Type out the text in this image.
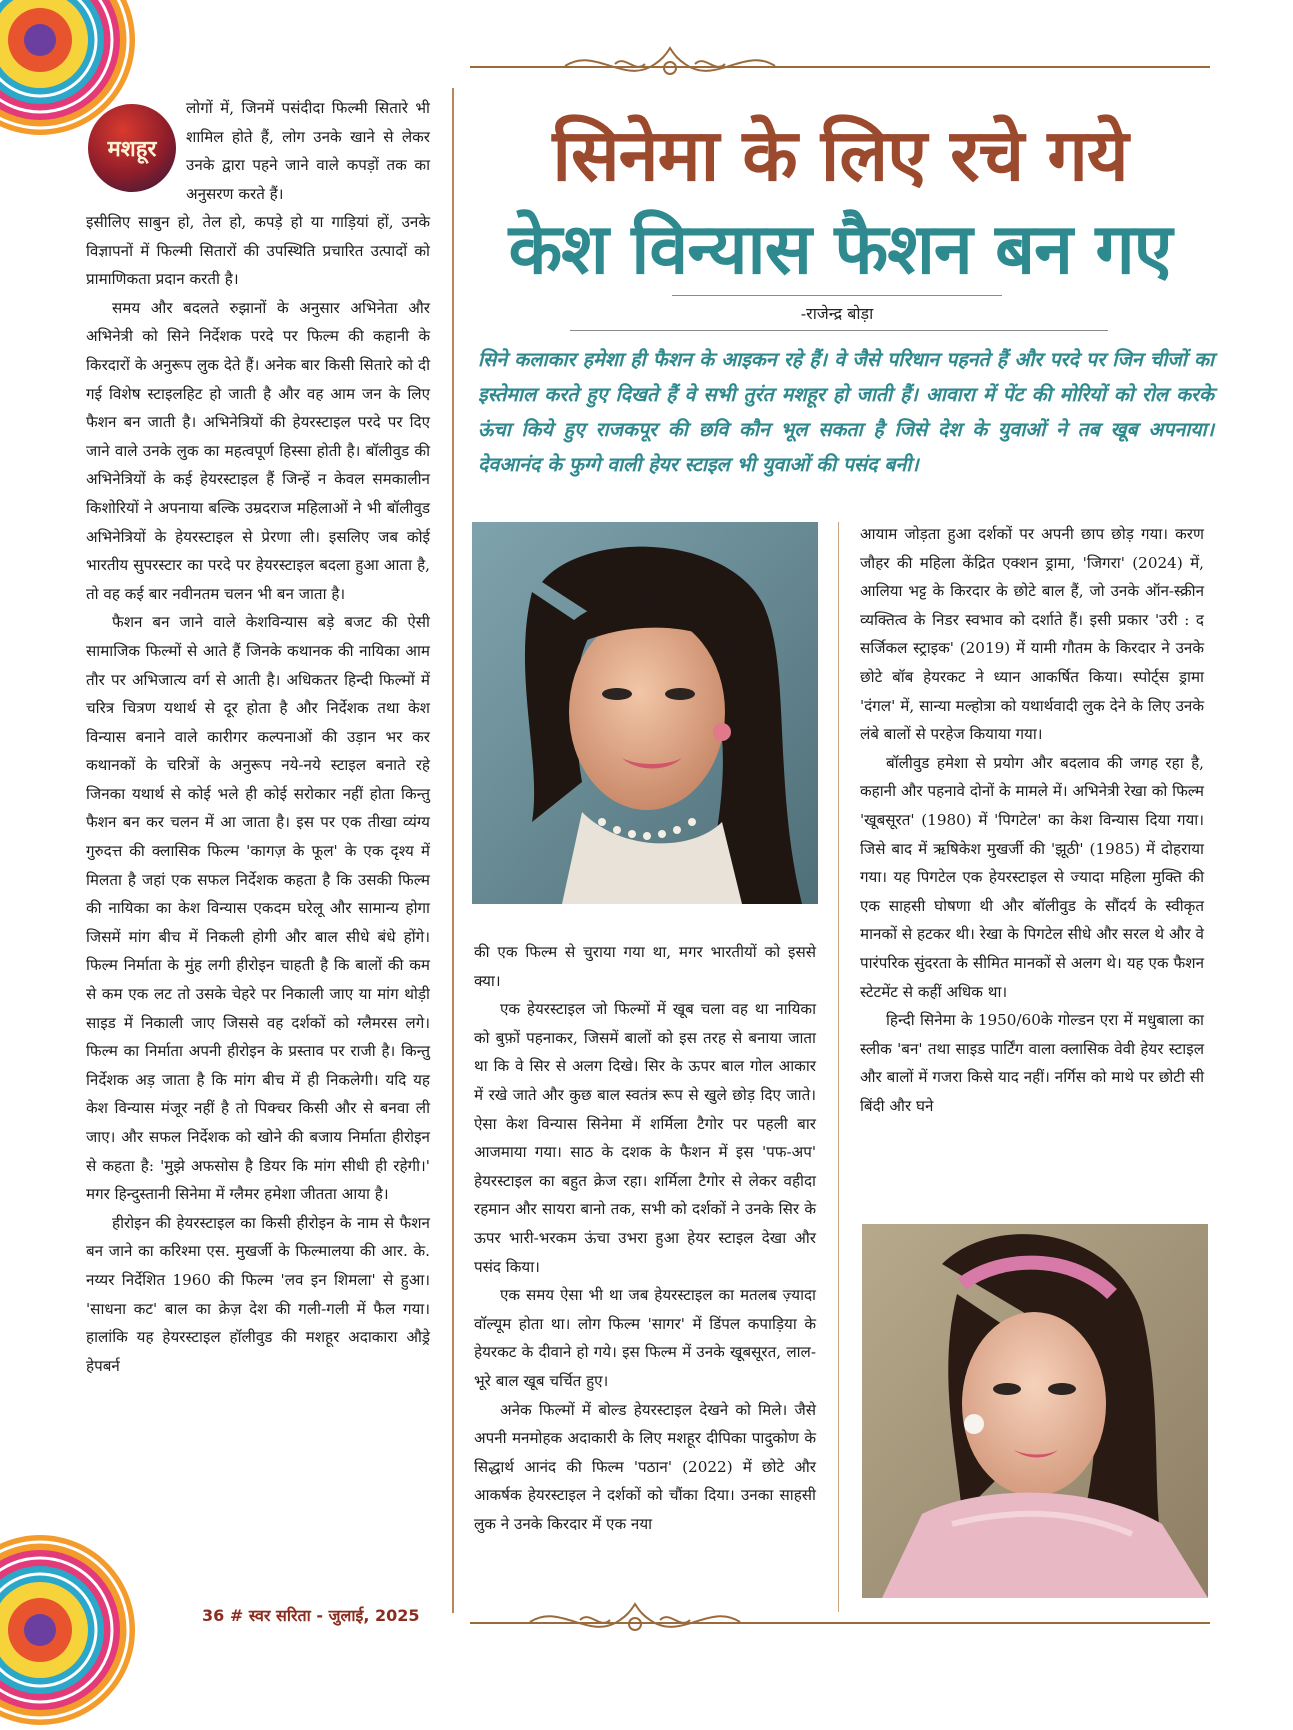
मशहूर

लोगों में, जिनमें पसंदीदा फिल्मी सितारे भी शामिल होते हैं, लोग उनके खाने से लेकर उनके द्वारा पहने जाने वाले कपड़ों तक का अनुसरण करते हैं।

इसीलिए साबुन हो, तेल हो, कपड़े हो या गाड़ियां हों, उनके विज्ञापनों में फिल्मी सितारों की उपस्थिति प्रचारित उत्पादों को प्रामाणिकता प्रदान करती है।

समय और बदलते रुझानों के अनुसार अभिनेता और अभिनेत्री को सिने निर्देशक परदे पर फिल्म की कहानी के किरदारों के अनुरूप लुक देते हैं। अनेक बार किसी सितारे को दी गई विशेष स्टाइलहिट हो जाती है और वह आम जन के लिए फैशन बन जाती है। अभिनेत्रियों की हेयरस्टाइल परदे पर दिए जाने वाले उनके लुक का महत्वपूर्ण हिस्सा होती है। बॉलीवुड की अभिनेत्रियों के कई हेयरस्टाइल हैं जिन्हें न केवल समकालीन किशोरियों ने अपनाया बल्कि उम्रदराज महिलाओं ने भी बॉलीवुड अभिनेत्रियों के हेयरस्टाइल से प्रेरणा ली। इसलिए जब कोई भारतीय सुपरस्टार का परदे पर हेयरस्टाइल बदला हुआ आता है, तो वह कई बार नवीनतम चलन भी बन जाता है।

फैशन बन जाने वाले केशविन्यास बड़े बजट की ऐसी सामाजिक फिल्मों से आते हैं जिनके कथानक की नायिका आम तौर पर अभिजात्य वर्ग से आती है। अधिकतर हिन्दी फिल्मों में चरित्र चित्रण यथार्थ से दूर होता है और निर्देशक तथा केश विन्यास बनाने वाले कारीगर कल्पनाओं की उड़ान भर कर कथानकों के चरित्रों के अनुरूप नये-नये स्टाइल बनाते रहे जिनका यथार्थ से कोई भले ही कोई सरोकार नहीं होता किन्तु फैशन बन कर चलन में आ जाता है। इस पर एक तीखा व्यंग्य गुरुदत्त की क्लासिक फिल्म 'कागज़ के फूल' के एक दृश्य में मिलता है जहां एक सफल निर्देशक कहता है कि उसकी फिल्म की नायिका का केश विन्यास एकदम घरेलू और सामान्य होगा जिसमें मांग बीच में निकली होगी और बाल सीधे बंधे होंगे। फिल्म निर्माता के मुंह लगी हीरोइन चाहती है कि बालों की कम से कम एक लट तो उसके चेहरे पर निकाली जाए या मांग थोड़ी साइड में निकाली जाए जिससे वह दर्शकों को ग्लैमरस लगे। फिल्म का निर्माता अपनी हीरोइन के प्रस्ताव पर राजी है। किन्तु निर्देशक अड़ जाता है कि मांग बीच में ही निकलेगी। यदि यह केश विन्यास मंजूर नहीं है तो पिक्चर किसी और से बनवा ली जाए। और सफल निर्देशक को खोने की बजाय निर्माता हीरोइन से कहता है: 'मुझे अफसोस है डियर कि मांग सीधी ही रहेगी।' मगर हिन्दुस्तानी सिनेमा में ग्लैमर हमेशा जीतता आया है।

हीरोइन की हेयरस्टाइल का किसी हीरोइन के नाम से फैशन बन जाने का करिश्मा एस. मुखर्जी के फिल्मालया की आर. के. नय्यर निर्देशित 1960 की फिल्म 'लव इन शिमला' से हुआ। 'साधना कट' बाल का क्रेज़ देश की गली-गली में फैल गया। हालांकि यह हेयरस्टाइल हॉलीवुड की मशहूर अदाकारा औड्रे हेपबर्न

सिनेमा के लिए रचे गये
केश विन्यास फैशन बन गए
-राजेन्द्र बोड़ा
सिने कलाकार हमेशा ही फैशन के आइकन रहे हैं। वे जैसे परिधान पहनते हैं और परदे पर जिन चीजों का इस्तेमाल करते हुए दिखते हैं वे सभी तुरंत मशहूर हो जाती हैं। आवारा में पेंट की मोरियों को रोल करके ऊंचा किये हुए राजकपूर की छवि कौन भूल सकता है जिसे देश के युवाओं ने तब खूब अपनाया। देवआनंद के फुग्गे वाली हेयर स्टाइल भी युवाओं की पसंद बनी।

की एक फिल्म से चुराया गया था, मगर भारतीयों को इससे क्या।

एक हेयरस्टाइल जो फिल्मों में खूब चला वह था नायिका को बुफ़ों पहनाकर, जिसमें बालों को इस तरह से बनाया जाता था कि वे सिर से अलग दिखे। सिर के ऊपर बाल गोल आकार में रखे जाते और कुछ बाल स्वतंत्र रूप से खुले छोड़ दिए जाते। ऐसा केश विन्यास सिनेमा में शर्मिला टैगोर पर पहली बार आजमाया गया। साठ के दशक के फैशन में इस 'पफ-अप' हेयरस्टाइल का बहुत क्रेज रहा। शर्मिला टैगोर से लेकर वहीदा रहमान और सायरा बानो तक, सभी को दर्शकों ने उनके सिर के ऊपर भारी-भरकम ऊंचा उभरा हुआ हेयर स्टाइल देखा और पसंद किया।

एक समय ऐसा भी था जब हेयरस्टाइल का मतलब ज़्यादा वॉल्यूम होता था। लोग फिल्म 'सागर' में डिंपल कपाड़िया के हेयरकट के दीवाने हो गये। इस फिल्म में उनके खूबसूरत, लाल-भूरे बाल खूब चर्चित हुए।

अनेक फिल्मों में बोल्ड हेयरस्टाइल देखने को मिले। जैसे अपनी मनमोहक अदाकारी के लिए मशहूर दीपिका पादुकोण के सिद्धार्थ आनंद की फिल्म 'पठान' (2022) में छोटे और आकर्षक हेयरस्टाइल ने दर्शकों को चौंका दिया। उनका साहसी लुक ने उनके किरदार में एक नया

आयाम जोड़ता हुआ दर्शकों पर अपनी छाप छोड़ गया। करण जौहर की महिला केंद्रित एक्शन ड्रामा, 'जिगरा' (2024) में, आलिया भट्ट के किरदार के छोटे बाल हैं, जो उनके ऑन-स्क्रीन व्यक्तित्व के निडर स्वभाव को दर्शाते हैं। इसी प्रकार 'उरी : द सर्जिकल स्ट्राइक' (2019) में यामी गौतम के किरदार ने उनके छोटे बॉब हेयरकट ने ध्यान आकर्षित किया। स्पोर्ट्स ड्रामा 'दंगल' में, सान्या मल्होत्रा को यथार्थवादी लुक देने के लिए उनके लंबे बालों से परहेज कियाया गया।

बॉलीवुड हमेशा से प्रयोग और बदलाव की जगह रहा है, कहानी और पहनावे दोनों के मामले में। अभिनेत्री रेखा को फिल्म 'खूबसूरत' (1980) में 'पिगटेल' का केश विन्यास दिया गया। जिसे बाद में ऋषिकेश मुखर्जी की 'झूठी' (1985) में दोहराया गया। यह पिगटेल एक हेयरस्टाइल से ज्यादा महिला मुक्ति की एक साहसी घोषणा थी और बॉलीवुड के सौंदर्य के स्वीकृत मानकों से हटकर थी। रेखा के पिगटेल सीधे और सरल थे और वे पारंपरिक सुंदरता के सीमित मानकों से अलग थे। यह एक फैशन स्टेटमेंट से कहीं अधिक था।

हिन्दी सिनेमा के 1950/60के गोल्डन एरा में मधुबाला का स्लीक 'बन' तथा साइड पार्टिंग वाला क्लासिक वेवी हेयर स्टाइल और बालों में गजरा किसे याद नहीं। नर्गिस को माथे पर छोटी सी बिंदी और घने

36 # स्वर सरिता - जुलाई, 2025
